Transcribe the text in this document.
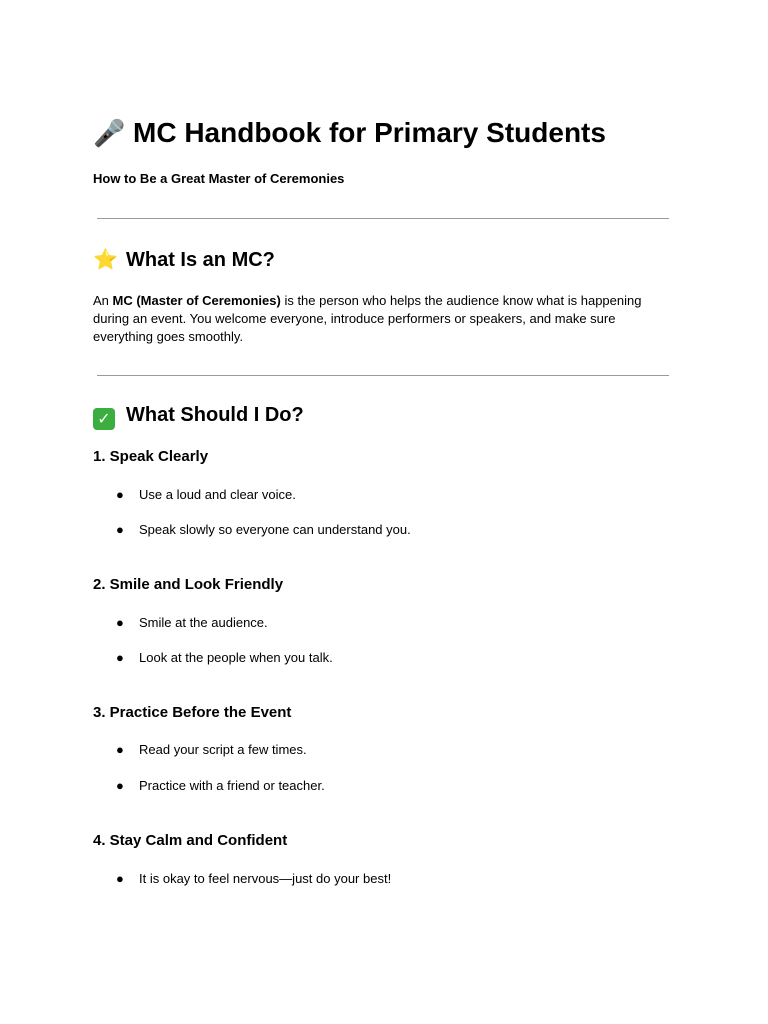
🎤 MC Handbook for Primary Students

How to Be a Great Master of Ceremonies

⭐ What Is an MC?

An MC (Master of Ceremonies) is the person who helps the audience know what is happening during an event. You welcome everyone, introduce performers or speakers, and make sure everything goes smoothly.

✓ What Should I Do?
1. Speak Clearly
● Use a loud and clear voice.
● Speak slowly so everyone can understand you.
2. Smile and Look Friendly
● Smile at the audience.
● Look at the people when you talk.
3. Practice Before the Event
● Read your script a few times.
● Practice with a friend or teacher.
4. Stay Calm and Confident
● It is okay to feel nervous—just do your best!
